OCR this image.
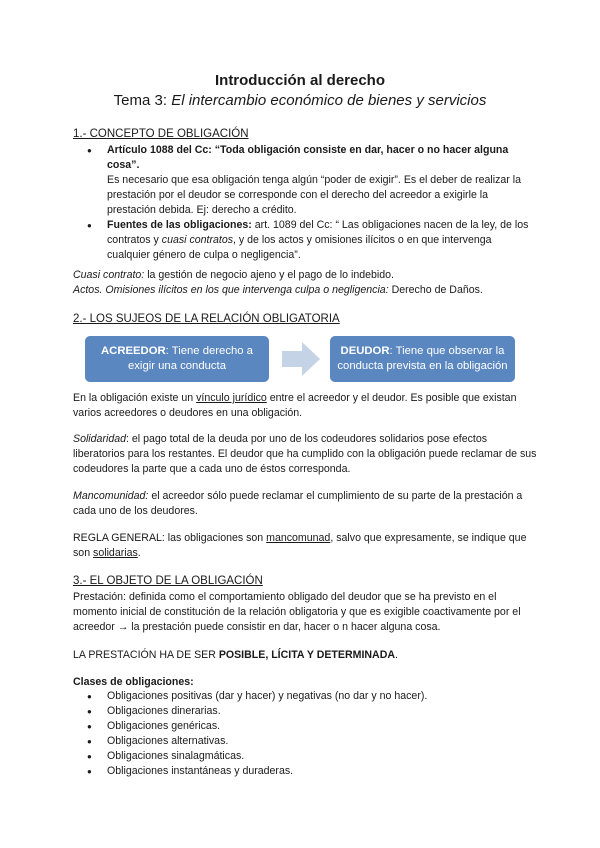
Introducción al derecho
Tema 3: El intercambio económico de bienes y servicios
1.- CONCEPTO DE OBLIGACIÓN
● Artículo 1088 del Cc: “Toda obligación consiste en dar, hacer o no hacer alguna cosa”.
Es necesario que esa obligación tenga algún “poder de exigir”. Es el deber de realizar la prestación por el deudor se corresponde con el derecho del acreedor a exigirle la prestación debida. Ej: derecho a crédito.
● Fuentes de las obligaciones: art. 1089 del Cc: “ Las obligaciones nacen de la ley, de los contratos y cuasi contratos, y de los actos y omisiones ilícitos o en que intervenga cualquier género de culpa o negligencia”.
Cuasi contrato: la gestión de negocio ajeno y el pago de lo indebido.
Actos. Omisiones ilícitos en los que intervenga culpa o negligencia: Derecho de Daños.
2.- LOS SUJEOS DE LA RELACIÓN OBLIGATORIA
ACREEDOR: Tiene derecho a exigir una conducta
DEUDOR: Tiene que observar la conducta prevista en la obligación
En la obligación existe un vínculo jurídico entre el acreedor y el deudor. Es posible que existan varios acreedores o deudores en una obligación.
Solidaridad: el pago total de la deuda por uno de los codeudores solidarios pose efectos liberatorios para los restantes. El deudor que ha cumplido con la obligación puede reclamar de sus codeudores la parte que a cada uno de éstos corresponda.
Mancomunidad: el acreedor sólo puede reclamar el cumplimiento de su parte de la prestación a cada uno de los deudores.
REGLA GENERAL: las obligaciones son mancomunad, salvo que expresamente, se indique que son solidarias.
3.- EL OBJETO DE LA OBLIGACIÓN
Prestación: definida como el comportamiento obligado del deudor que se ha previsto en el momento inicial de constitución de la relación obligatoria y que es exigible coactivamente por el acreedor → la prestación puede consistir en dar, hacer o n hacer alguna cosa.
LA PRESTACIÓN HA DE SER POSIBLE, LÍCITA Y DETERMINADA.
Clases de obligaciones:
● Obligaciones positivas (dar y hacer) y negativas (no dar y no hacer).
● Obligaciones dinerarias.
● Obligaciones genéricas.
● Obligaciones alternativas.
● Obligaciones sinalagmáticas.
● Obligaciones instantáneas y duraderas.
